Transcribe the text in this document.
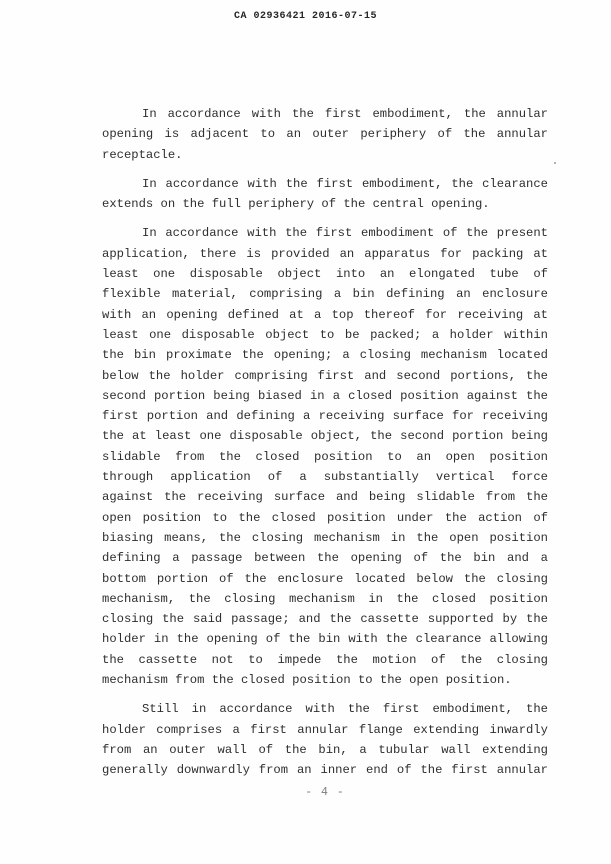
CA 02936421 2016-07-15
In accordance with the first embodiment, the annular
opening is adjacent to an outer periphery of the annular
receptacle.
In accordance with the first embodiment, the clearance
extends on the full periphery of the central opening.
In accordance with the first embodiment of the present
application, there is provided an apparatus for packing at
least one disposable object into an elongated tube of
flexible material, comprising a bin defining an enclosure
with an opening defined at a top thereof for receiving at
least one disposable object to be packed; a holder within
the bin proximate the opening; a closing mechanism located
below the holder comprising first and second portions, the
second portion being biased in a closed position against the
first portion and defining a receiving surface for receiving
the at least one disposable object, the second portion being
slidable from the closed position to an open position
through application of a substantially vertical force
against the receiving surface and being slidable from the
open position to the closed position under the action of
biasing means, the closing mechanism in the open position
defining a passage between the opening of the bin and a
bottom portion of the enclosure located below the closing
mechanism, the closing mechanism in the closed position
closing the said passage; and the cassette supported by the
holder in the opening of the bin with the clearance allowing
the cassette not to impede the motion of the closing
mechanism from the closed position to the open position.
Still in accordance with the first embodiment, the
holder comprises a first annular flange extending inwardly
from an outer wall of the bin, a tubular wall extending
generally downwardly from an inner end of the first annular
- 4 -
